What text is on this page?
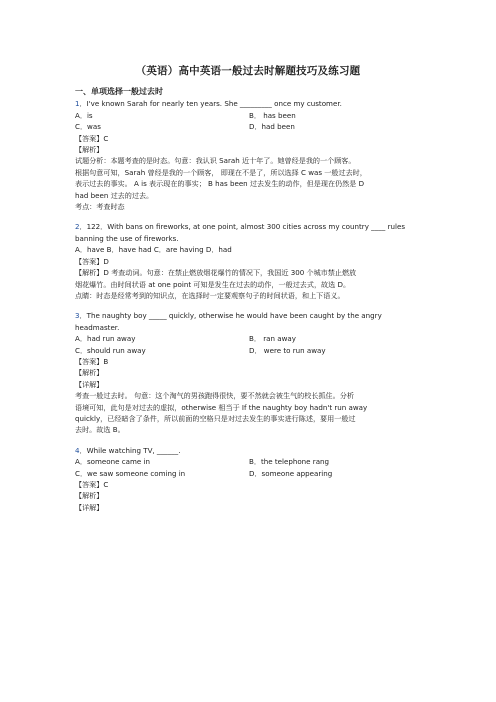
（英语）高中英语一般过去时解题技巧及练习题
一、单项选择一般过去时
1．I've known Sarah for nearly ten years. She _________ once my customer.
A．is	B． has been
C．was	D．had been
【答案】C
【解析】
试题分析：本题考查的是时态。句意：我认识 Sarah 近十年了。她曾经是我的一个顾客。
根据句意可知，Sarah 曾经是我的一个顾客， 即现在不是了，所以选择 C was 一般过去时，
表示过去的事实。 A is 表示现在的事实； B has been 过去发生的动作，但是现在仍然是 D
had been 过去的过去。
考点：考查时态
2．122．With bans on fireworks, at one point, almost 300 cities across my country ____ rules
banning the use of fireworks.
A．have B．have had C．are having D．had
【答案】D
【解析】D 考查动词。句意：在禁止燃放烟花爆竹的情况下，我国近 300 个城市禁止燃放
烟花爆竹。由时间状语 at one point 可知是发生在过去的动作，一般过去式，故选 D。
点睛：时态是经常考到的知识点，在选择时一定要观察句子的时间状语，和上下语义。
3．The naughty boy _____ quickly, otherwise he would have been caught by the angry
headmaster.
A．had run away	B． ran away
C．should run away	D． were to run away
【答案】B
【解析】
【详解】
考查一般过去时。 句意：这个淘气的男孩跑得很快，要不然就会被生气的校长抓住。分析
语境可知，此句是对过去的虚拟，otherwise 相当于 If the naughty boy hadn't run away
quickly，已经暗含了条件，所以前面的空格只是对过去发生的事实进行陈述，要用一般过
去时。故选 B。
4．While watching TV, ______.
A．someone came in	B．the telephone rang
C．we saw someone coming in	D．someone appearing
【答案】C
【解析】
【详解】
